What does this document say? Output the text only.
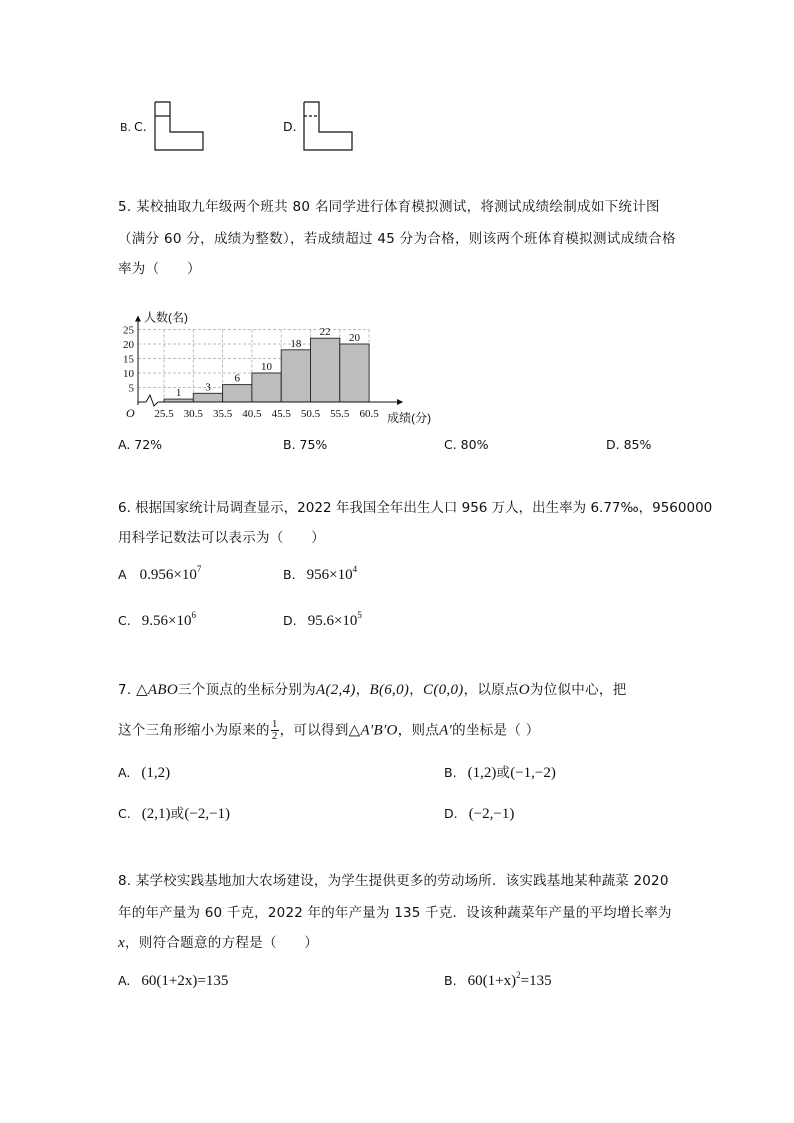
B. C.	D.
5. 某校抽取九年级两个班共 80 名同学进行体育模拟测试，将测试成绩绘制成如下统计图
（满分 60 分，成绩为整数），若成绩超过 45 分为合格，则该两个班体育模拟测试成绩合格
率为（　　）
5
10
15
20
25
25.5 30.5 35.5 40.5 45.5 50.5 55.5 60.5
1 3
6
10
18
22 20
人数(名)
成绩(分)
O
A. 72%	B. 75%	C. 80%	D. 85%
6. 根据国家统计局调查显示，2022 年我国全年出生人口 956 万人，出生率为 6.77‰，9560000
用科学记数法可以表示为（　　）
A $0.956\times 10^7$	B. $956\times 10^4$
C. $9.56\times 10^6$	D. $95.6\times 10^5$
7. △ABO三个顶点的坐标分别为A(2,4)，B(6,0)，C(0,0)，以原点O为位似中心，把
这个三角形缩小为原来的 $\frac{1}{2}$ ，可以得到△A′B′O，则点A′的坐标是（ ）
A. (1,2)	B. (1,2)或(−1,−2)
C. (2,1)或(−2,−1)	D. (−2,−1)
8. 某学校实践基地加大农场建设，为学生提供更多的劳动场所．该实践基地某种蔬菜 2020
年的年产量为 60 千克，2022 年的年产量为 135 千克．设该种蔬菜年产量的平均增长率为
x，则符合题意的方程是（　　）
A. 60(1+2x)=135	B. $60(1+x)^2=135$
